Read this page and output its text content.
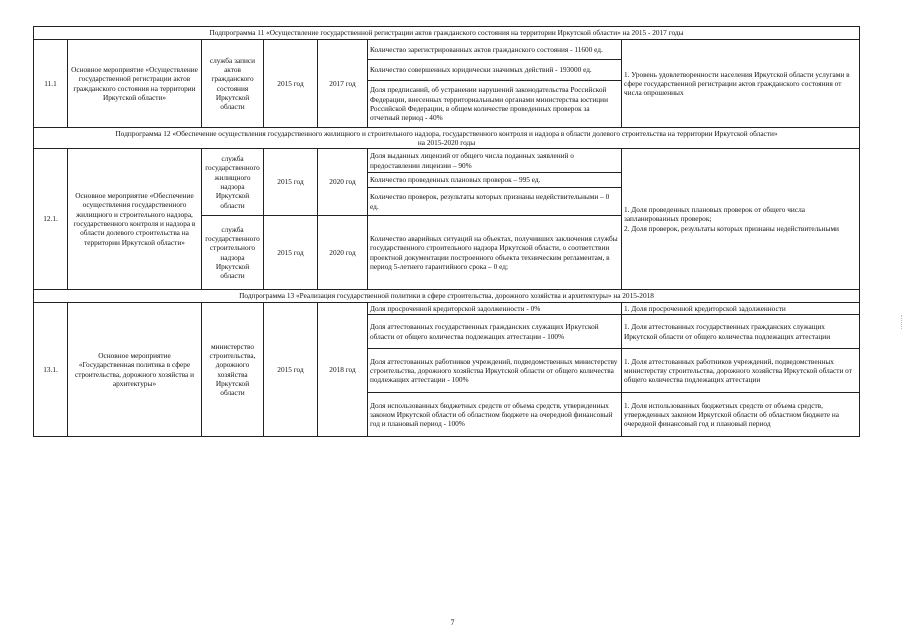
Подпрограмма 11 «Осуществление государственной регистрации актов гражданского состояния на территории Иркутской области» на 2015 - 2017 годы						
11.1	Основное мероприятие «Осуществление государственной регистрации актов гражданского состояния на территории Иркутской области»	служба записи актов гражданского состояния Иркутской области	2015 год	2017 год	Количество зарегистрированных актов гражданского состояния - 11600 ед.	1. Уровень удовлетворенности населения Иркутской области услугами в сфере государственной регистрации актов гражданского состояния от числа опрошенных
					Количество совершенных юридически значимых действий - 193000 ед.	
					Доля предписаний, об устранении нарушений законодательства Российской Федерации, внесенных территориальными органами министерства юстиции Российской Федерации, в общем количестве проведенных проверок за отчетный период - 40%	

Подпрограмма 12 «Обеспечение осуществления государственного жилищного и строительного надзора, государственного контроля и надзора в области долевого строительства на территории Иркутской области»
на 2015-2020 годы						

12.1.	Основное мероприятие «Обеспечение осуществления государственного жилищного и строительного надзора, государственного контроля и надзора в области долевого строительства на территории Иркутской области»	служба государственного жилищного надзора Иркутской области	2015 год	2020 год	Доля выданных лицензий от общего числа поданных заявлений о предоставлении лицензии – 90%	1. Доля проведенных плановых проверок от общего числа запланированных проверок;
2. Доля проверок, результаты которых признаны недействительными

					Количество проведенных плановых проверок – 995 ед.	
					Количество проверок, результаты которых признаны недействительными – 0 ед.	
		служба государственного строительного надзора Иркутской области	2015 год	2020 год	Количество аварийных ситуаций на объектах, получивших заключения службы государственного строительного надзора Иркутской области, о соответствии проектной документации построенного объекта техническим регламентам, в период 5-летнего гарантийного срока – 0 ед;	
Подпрограмма 13 «Реализация государственной политики в сфере строительства, дорожного хозяйства и архитектуры» на 2015-2018						
13.1.	Основное мероприятие «Государственная политика в сфере строительства, дорожного хозяйства и архитектуры»	министерство строительства, дорожного хозяйства Иркутской области	2015 год	2018 год	Доля просроченной кредиторской задолженности - 0%	1. Доля просроченной кредиторской задолженности
					Доля аттестованных государственных гражданских служащих Иркутской области от общего количества подлежащих аттестации - 100%	1. Доля аттестованных государственных гражданских служащих Иркутской области от общего количества подлежащих аттестации
					Доля аттестованных работников учреждений, подведомственных министерству строительства, дорожного хозяйства Иркутской области от общего количества подлежащих аттестации - 100%	1. Доля аттестованных работников учреждений, подведомственных министерству строительства, дорожного хозяйства Иркутской области от общего количества подлежащих аттестации
					Доля использованных бюджетных средств от объема средств, утвержденных законом Иркутской области об областном бюджете на очередной финансовый год и плановый период - 100%	1. Доля использованных бюджетных средств от объема средств, утвержденных законом Иркутской области об областном бюджете на очередной финансовый год и плановый период
7
